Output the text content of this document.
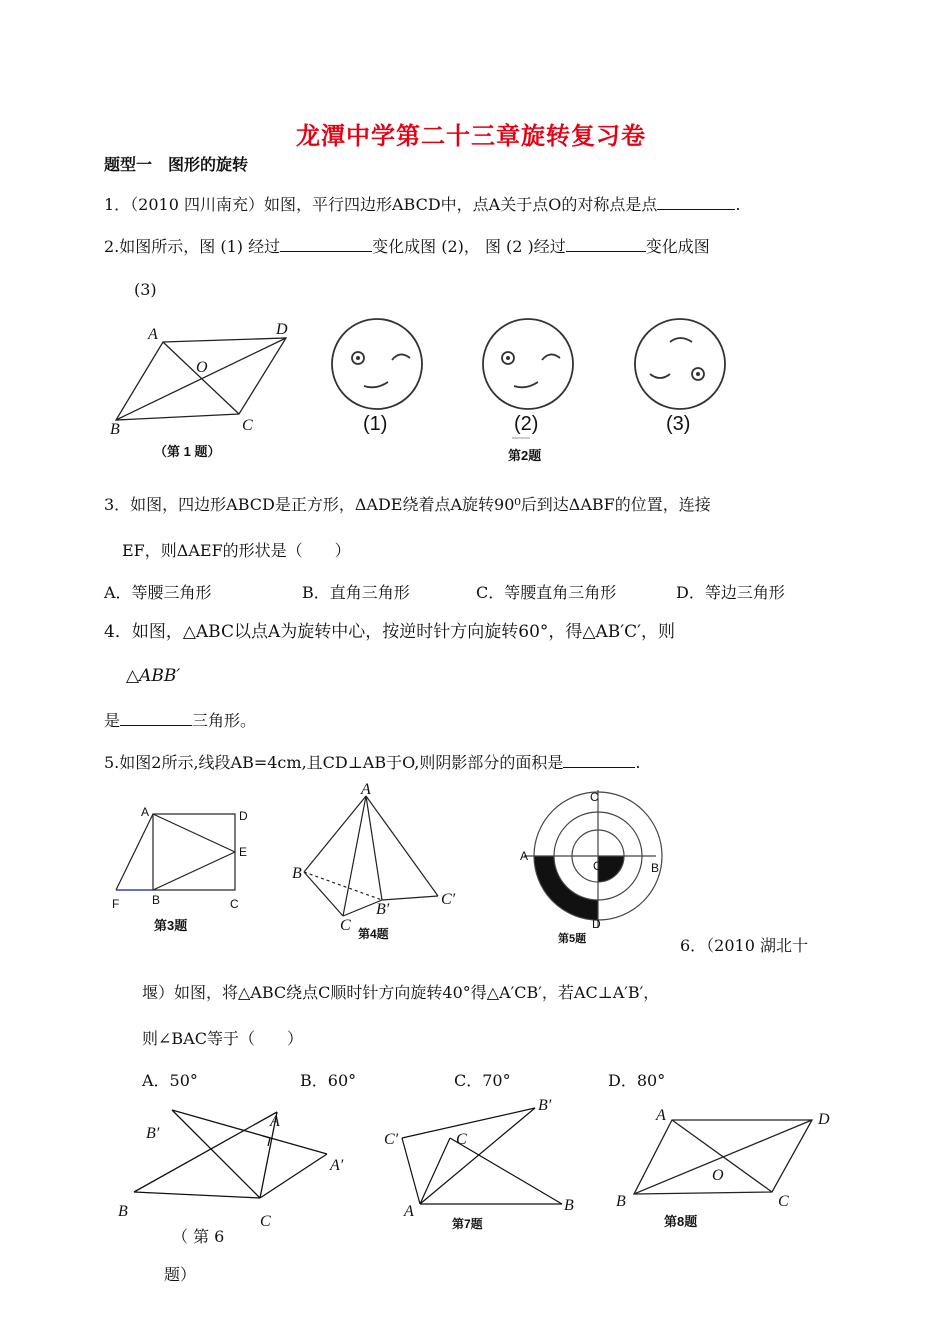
龙潭中学第二十三章旋转复习卷
题型一　图形的旋转
1．（2010 四川南充）如图，平行四边形ABCD中，点A关于点O的对称点是点	.
2.如图所示，图 (1) 经过	变化成图 (2)， 图 (2 )经过	变化成图
(3)
A	D
O
B	C
（第 1 题）
(1)	(2)	(3)
第2题
3．如图，四边形ABCD是正方形，ΔADE绕着点A旋转90⁰后到达ΔABF的位置，连接
EF，则ΔAEF的形状是（　　）
A．等腰三角形	B．直角三角形	C．等腰直角三角形	D．等边三角形
4．如图，△ABC以点A为旋转中心，按逆时针方向旋转60°，得△AB′C′，则
△ABB′
是	三角形。
5.如图2所示,线段AB=4cm,且CD⊥AB于O,则阴影部分的面积是	.
A	D
E
F	B	C
第3题
A
B
C
B′
C′
第4题
C
A
O	B
D
第5题	6．（2010 湖北十
堰）如图，将△ABC绕点C顺时针方向旋转40°得△A′CB′，若AC⊥A′B′，
则∠BAC等于（　　）
A．50°	B．60°	C．70°	D．80°
B′
A
A′
B
C
（ 第 6
题）
C′	C
B′
A	B
第7题
A	D
O
B	C
第8题
